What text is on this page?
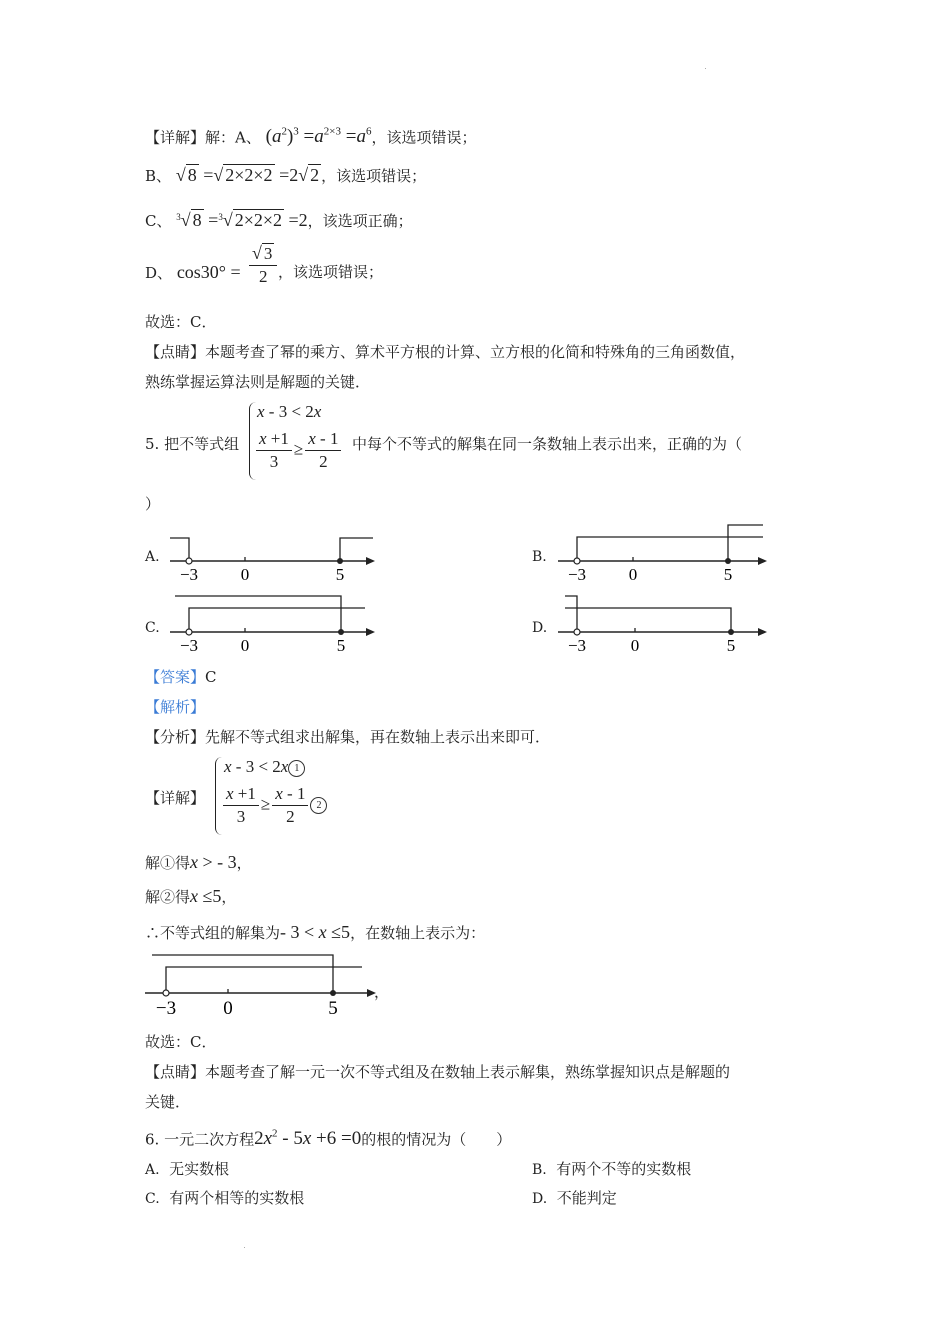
【详解】解：A、 $(a^2)^3 =a^{2\times 3} =a^6$，该选项错误；
B、 √ 8 =√ 2×2×2 =2√ 2 ，该选项错误；
C、 $^3$√ 8 =$^3$√ 2×2×2 =2，该选项正确；
D、 $\cos 30^\circ = \frac{√ 3}{2}$ ，该选项错误；
故选：C．
【点睛】本题考查了幂的乘方、算术平方根的计算、立方根的化简和特殊角的三角函数值，
熟练掌握运算法则是解题的关键．
5. 把不等式组
x - 3 < 2x
$\frac{x +1}{3} \ge \frac{x - 1}{2}$ 中每个不等式的解集在同一条数轴上表示出来，正确的为（
）
A.
−3	0	5
B.
−3	0	5
C.
−3	0	5
D.
−3	0	5
【答案】C
【解析】
【分析】先解不等式组求出解集，再在数轴上表示出来即可．
【详解】
x - 3 < 2x 1
$\frac{x +1}{3} \ge \frac{x - 1}{2} 2$
解①得x > - 3，
解②得x ≤5，
∴不等式组的解集为- 3 < x ≤5，在数轴上表示为：
−3 0	5
，
故选：C．
【点睛】本题考查了解一元一次不等式组及在数轴上表示解集，熟练掌握知识点是解题的
关键．
6. 一元二次方程$2x^2 - 5x +6 =0$的根的情况为（　　）
A. 无实数根	B. 有两个不等的实数根
C. 有两个相等的实数根	D. 不能判定
